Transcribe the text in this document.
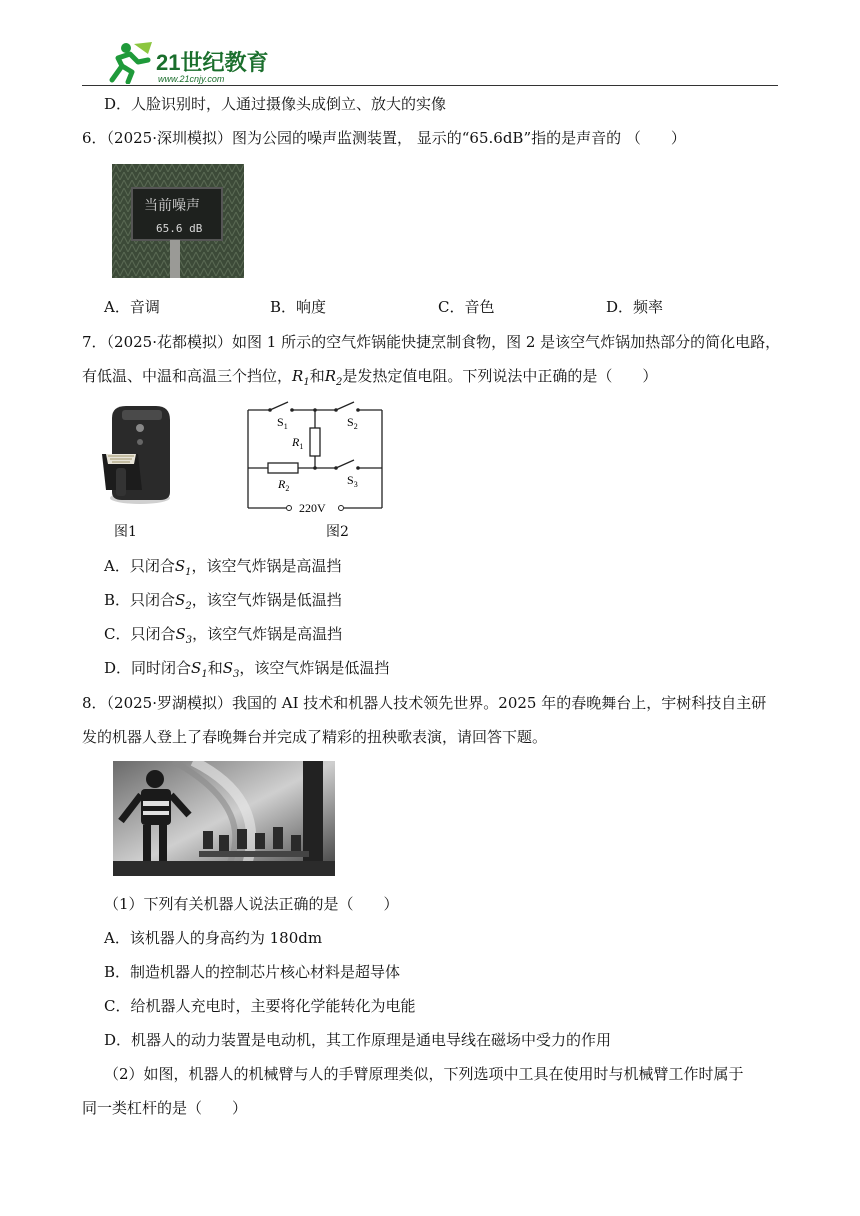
21世纪教育
www.21cnjy.com
D．人脸识别时，人通过摄像头成倒立、放大的实像
6．（2025·深圳模拟）图为公园的噪声监测装置， 显示的“65.6dB”指的是声音的 （　　）
当前噪声
65.6 dB
A．音调	B．响度	C．音色	D．频率
7．（2025·花都模拟）如图 1 所示的空气炸锅能快捷烹制食物，图 2 是该空气炸锅加热部分的简化电路，
有低温、中温和高温三个挡位，$R_1$和$R_2$是发热定值电阻。下列说法中正确的是（　　）
图1
$S_1$	$S_2$
$R_1$
$R_2$
$S_3$
220V
图2
A．只闭合$S_1$，该空气炸锅是高温挡
B．只闭合$S_2$，该空气炸锅是低温挡
C．只闭合$S_3$，该空气炸锅是高温挡
D．同时闭合$S_1$和$S_3$，该空气炸锅是低温挡
8．（2025·罗湖模拟）我国的 AI 技术和机器人技术领先世界。2025 年的春晚舞台上，宇树科技自主研
发的机器人登上了春晚舞台并完成了精彩的扭秧歌表演，请回答下题。
（1）下列有关机器人说法正确的是（　　）
A．该机器人的身高约为 180dm
B．制造机器人的控制芯片核心材料是超导体
C．给机器人充电时，主要将化学能转化为电能
D．机器人的动力装置是电动机，其工作原理是通电导线在磁场中受力的作用
（2）如图，机器人的机械臂与人的手臂原理类似，下列选项中工具在使用时与机械臂工作时属于
同一类杠杆的是（　　）
